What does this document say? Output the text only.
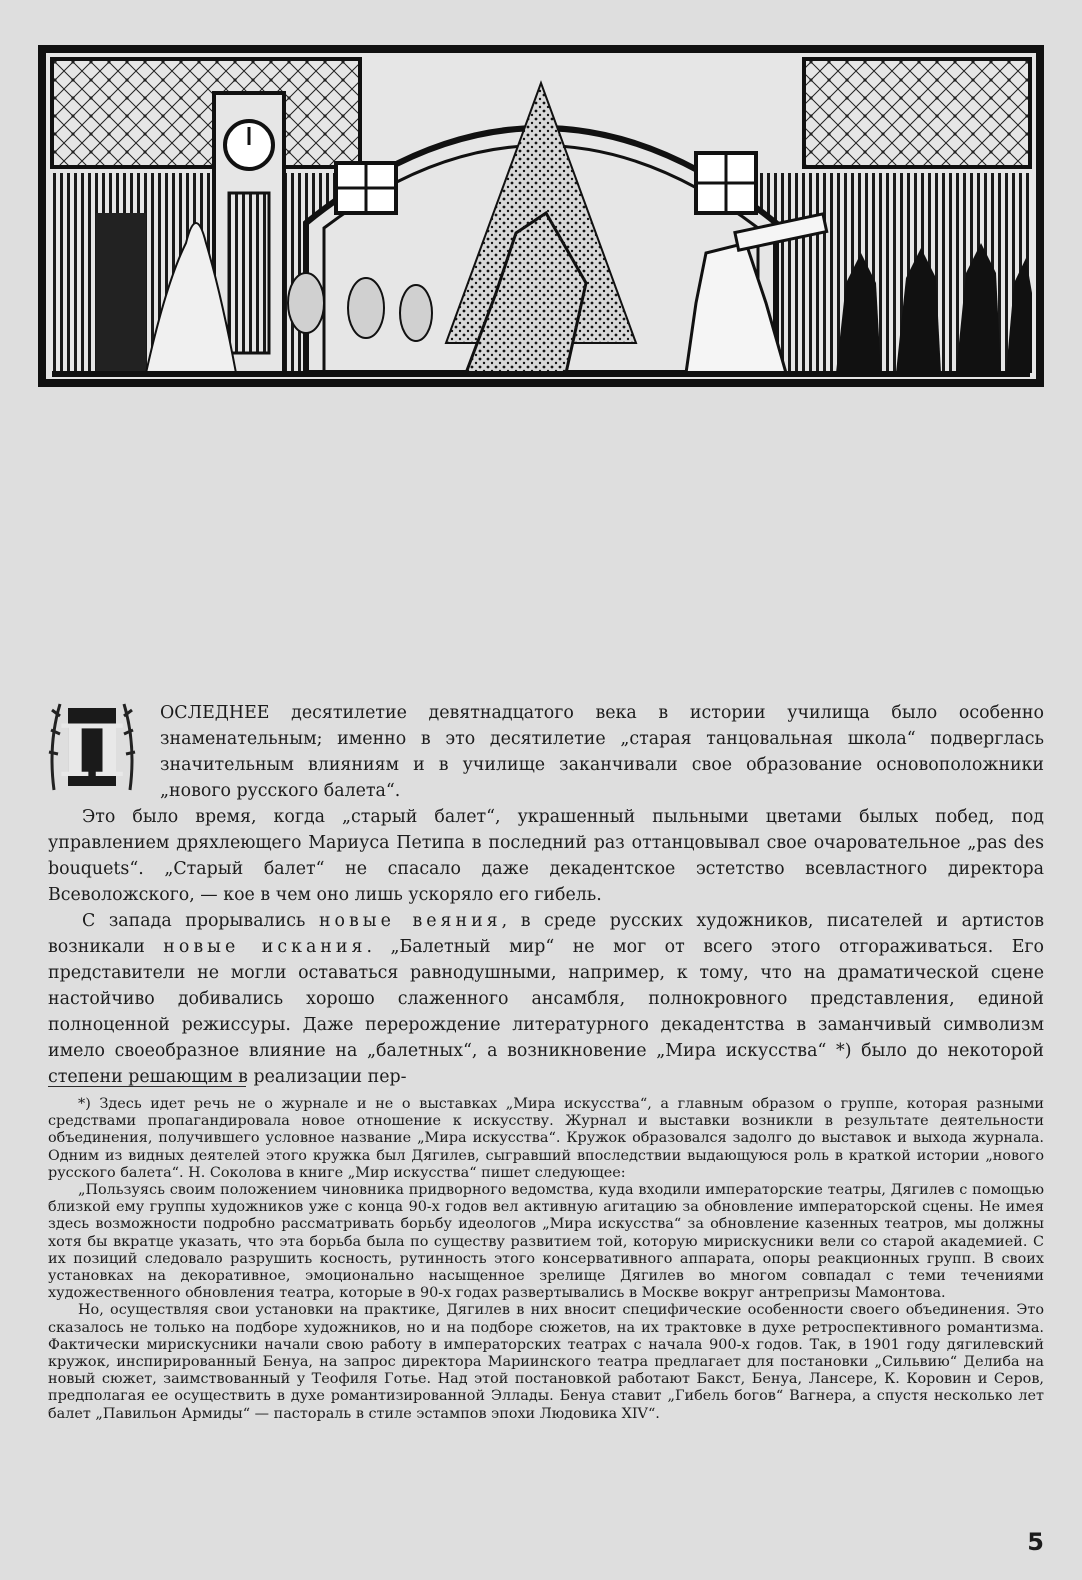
П	ОСЛЕДНЕЕ десятилетие девятнадцатого века в истории училища было особенно знаменательным; именно в это десятилетие „старая танцовальная школа“ подверглась значительным влияниям и в училище заканчивали свое образование основоположники „нового русского балета“.

Это было время, когда „старый балет“, украшенный пыльными цветами былых побед, под управлением дряхлеющего Мариуса Петипа в последний раз оттанцовывал свое очаровательное „pas des bouquets“. „Старый балет“ не спасало даже декадентское эстетство всевластного директора Всеволожского, — кое в чем оно лишь ускоряло его гибель.

С запада прорывались новые веяния, в среде русских художников, писателей и артистов возникали новые искания. „Балетный мир“ не мог от всего этого отгораживаться. Его представители не могли оставаться равнодушными, например, к тому, что на драматической сцене настойчиво добивались хорошо слаженного ансамбля, полнокровного представления, единой полноценной режиссуры. Даже перерождение литературного декадентства в заманчивый символизм имело своеобразное влияние на „балетных“, а возникновение „Мира искусства“ *) было до некоторой степени решающим в реализации пер-

*) Здесь идет речь не о журнале и не о выставках „Мира искусства“, а главным образом о группе, которая разными средствами пропагандировала новое отношение к искусству. Журнал и выставки возникли в результате деятельности объединения, получившего условное название „Мира искусства“. Кружок образовался задолго до выставок и выхода журнала. Одним из видных деятелей этого кружка был Дягилев, сыгравший впоследствии выдающуюся роль в краткой истории „нового русского балета“. Н. Соколова в книге „Мир искусства“ пишет следующее:

„Пользуясь своим положением чиновника придворного ведомства, куда входили императорские театры, Дягилев с помощью близкой ему группы художников уже с конца 90-х годов вел активную агитацию за обновление императорской сцены. Не имея здесь возможности подробно рассматривать борьбу идеологов „Мира искусства“ за обновление казенных театров, мы должны хотя бы вкратце указать, что эта борьба была по существу развитием той, которую мирискусники вели со старой академией. С их позиций следовало разрушить косность, рутинность этого консервативного аппарата, опоры реакционных групп. В своих установках на декоративное, эмоционально насыщенное зрелище Дягилев во многом совпадал с теми течениями художественного обновления театра, которые в 90-х годах развертывались в Москве вокруг антрепризы Мамонтова.

Но, осуществляя свои установки на практике, Дягилев в них вносит специфические особенности своего объединения. Это сказалось не только на подборе художников, но и на подборе сюжетов, на их трактовке в духе ретроспективного романтизма. Фактически мирискусники начали свою работу в императорских театрах с начала 900-х годов. Так, в 1901 году дягилевский кружок, инспирированный Бенуа, на запрос директора Мариинского театра предлагает для постановки „Сильвию“ Делиба на новый сюжет, заимствованный у Теофиля Готье. Над этой постановкой работают Бакст, Бенуа, Лансере, К. Коровин и Серов, предполагая ее осуществить в духе романтизированной Эллады. Бенуа ставит „Гибель богов“ Вагнера, а спустя несколько лет балет „Павильон Армиды“ — пастораль в стиле эстампов эпохи Людовика XIV“.

5
